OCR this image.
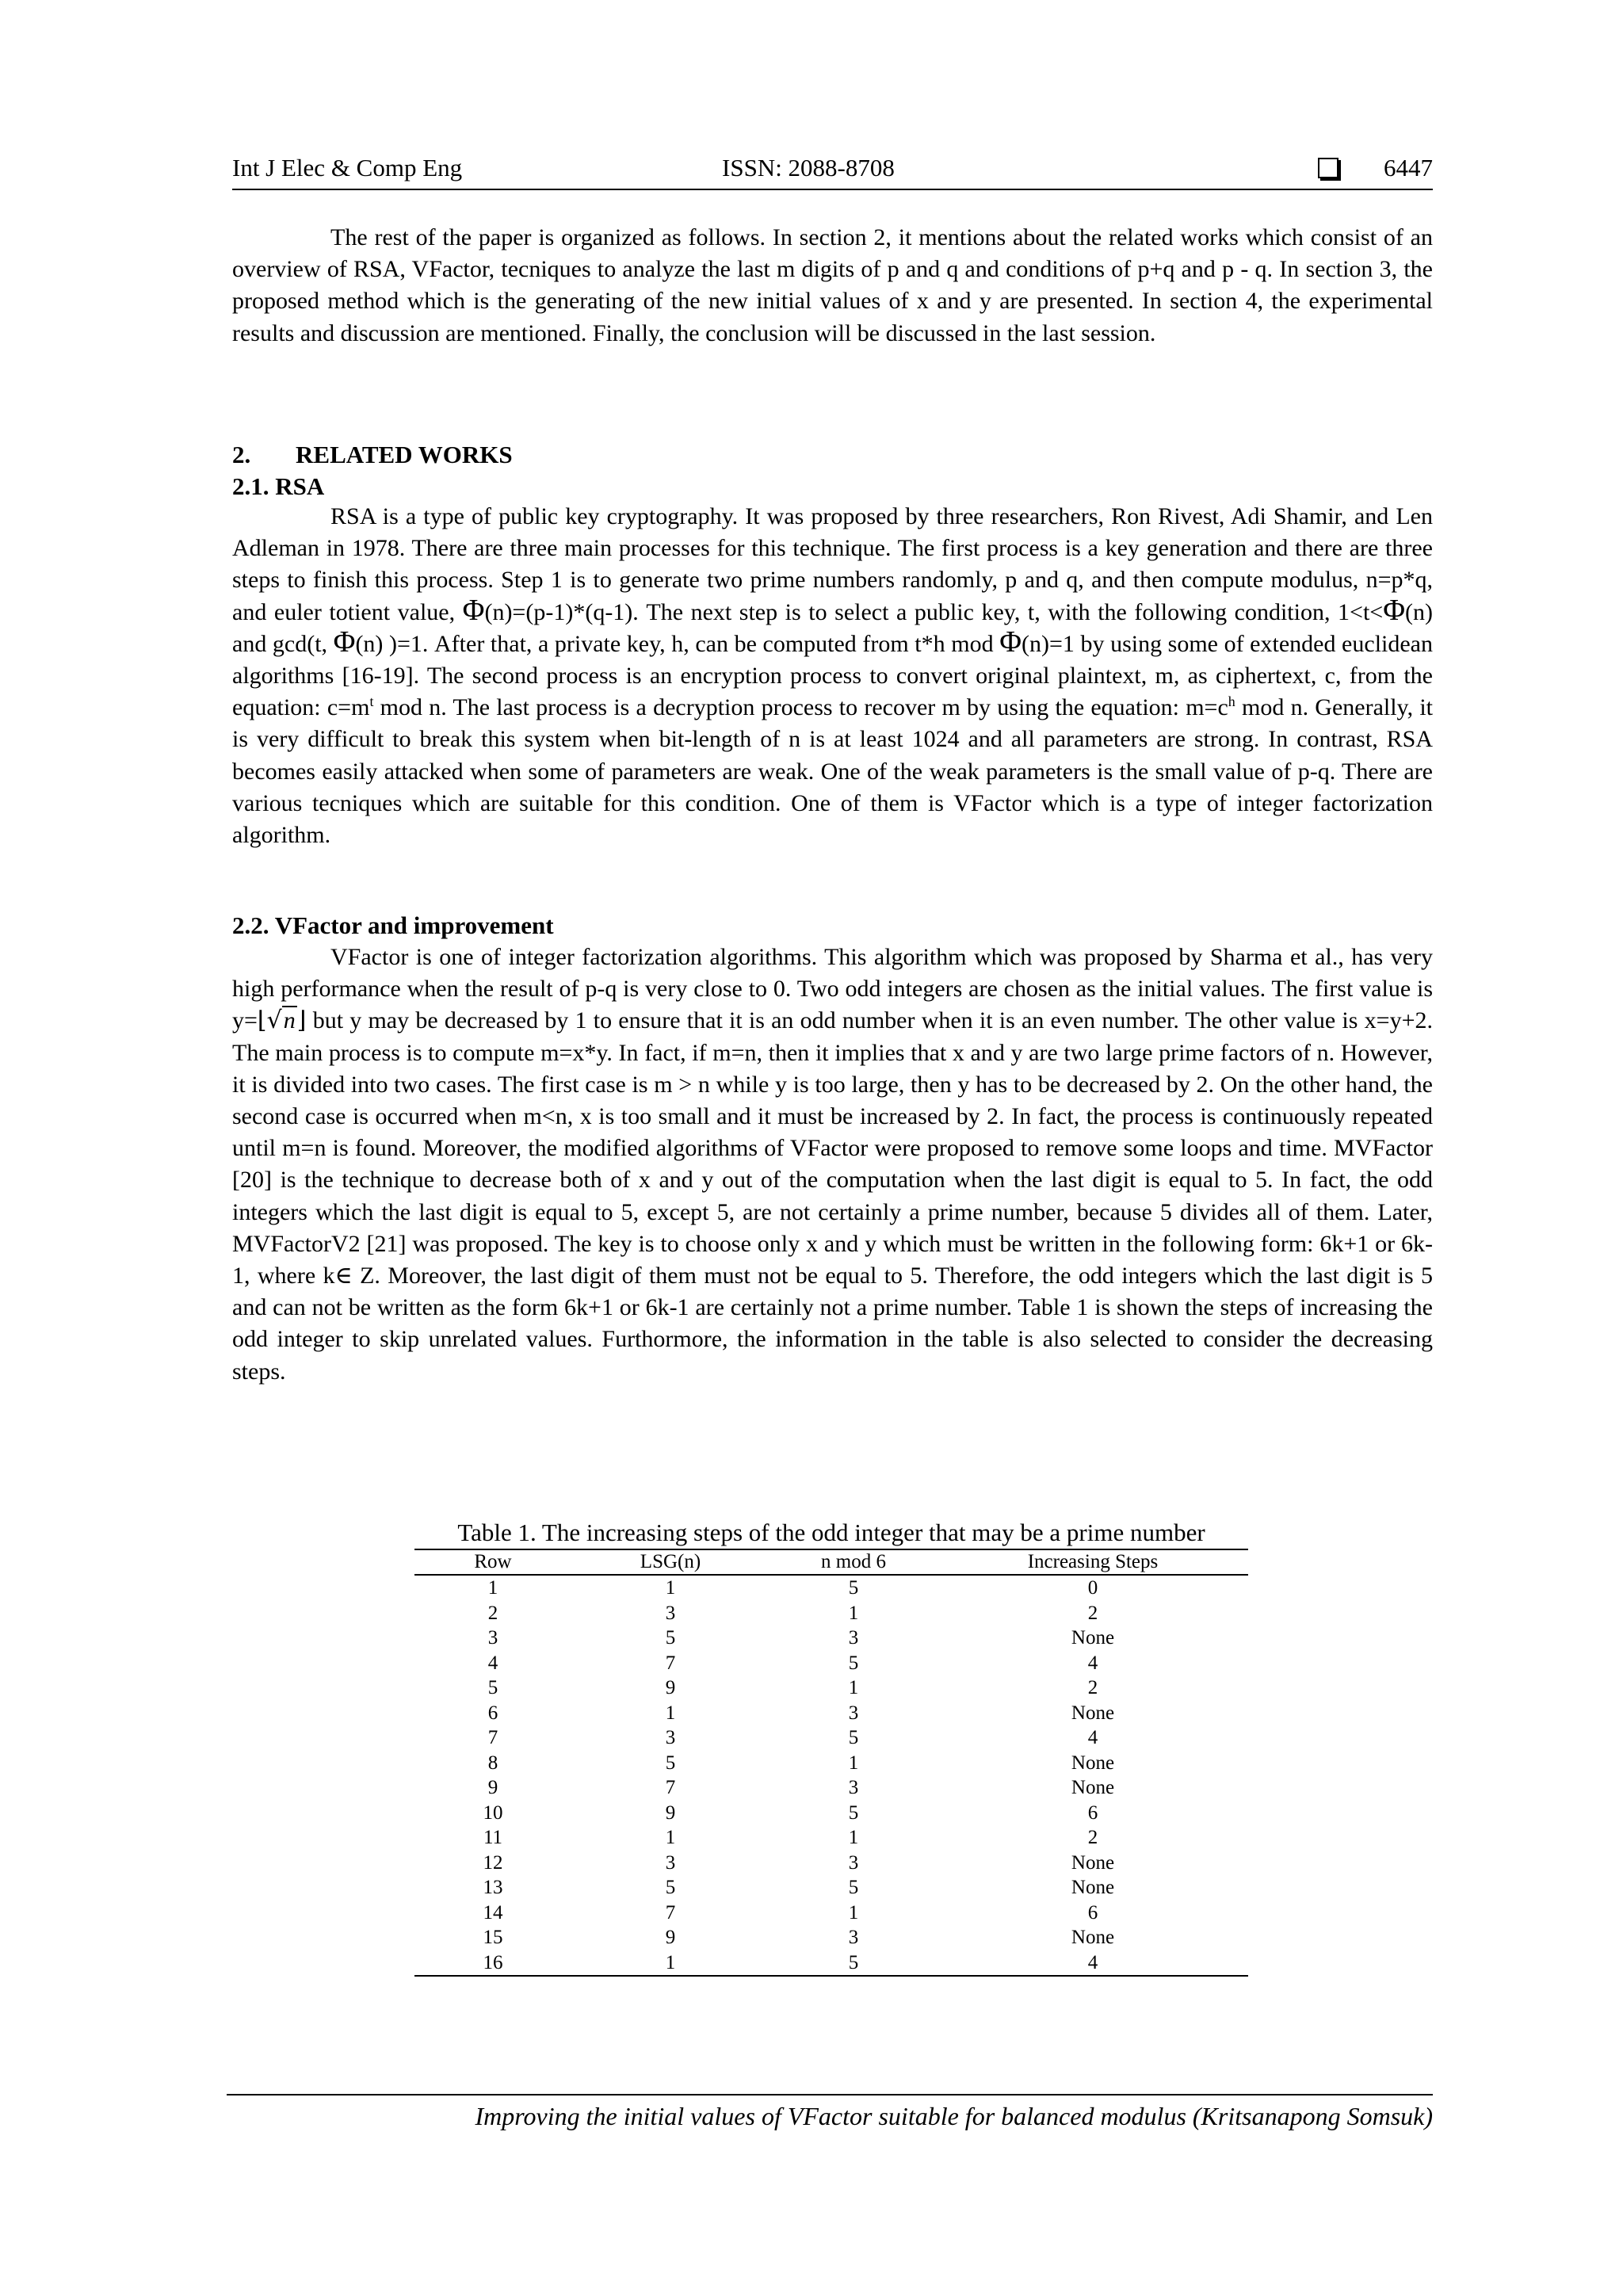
Int J Elec & Comp Eng	ISSN: 2088-8708	6447

The rest of the paper is organized as follows. In section 2, it mentions about the related works which consist of an overview of RSA, VFactor, tecniques to analyze the last m digits of p and q and conditions of p+q and p - q. In section 3, the proposed method which is the generating of the new initial values of x and y are presented. In section 4, the experimental results and discussion are mentioned. Finally, the conclusion will be discussed in the last session.

2. RELATED WORKS
2.1. RSA

RSA is a type of public key cryptography. It was proposed by three researchers, Ron Rivest, Adi Shamir, and Len Adleman in 1978. There are three main processes for this technique. The first process is a key generation and there are three steps to finish this process. Step 1 is to generate two prime numbers randomly, p and q, and then compute modulus, n=p*q, and euler totient value, Φ(n)=(p-1)*(q-1). The next step is to select a public key, t, with the following condition, 1<t<Φ(n) and gcd(t, Φ(n) )=1. After that, a private key, h, can be computed from t*h mod Φ(n)=1 by using some of extended euclidean algorithms [16-19]. The second process is an encryption process to convert original plaintext, m, as ciphertext, c, from the equation: $c=m^t$ mod n. The last process is a decryption process to recover m by using the equation: $m=c^h$ mod n. Generally, it is very difficult to break this system when bit-length of n is at least 1024 and all parameters are strong. In contrast, RSA becomes easily attacked when some of parameters are weak. One of the weak parameters is the small value of p-q. There are various tecniques which are suitable for this condition. One of them is VFactor which is a type of integer factorization algorithm.

2.2. VFactor and improvement

VFactor is one of integer factorization algorithms. This algorithm which was proposed by Sharma et al., has very high performance when the result of p-q is very close to 0. Two odd integers are chosen as the initial values. The first value is y=⌊√n⌋ but y may be decreased by 1 to ensure that it is an odd number when it is an even number. The other value is x=y+2. The main process is to compute m=x*y. In fact, if m=n, then it implies that x and y are two large prime factors of n. However, it is divided into two cases. The first case is m > n while y is too large, then y has to be decreased by 2. On the other hand, the second case is occurred when m<n, x is too small and it must be increased by 2. In fact, the process is continuously repeated until m=n is found. Moreover, the modified algorithms of VFactor were proposed to remove some loops and time. MVFactor [20] is the technique to decrease both of x and y out of the computation when the last digit is equal to 5. In fact, the odd integers which the last digit is equal to 5, except 5, are not certainly a prime number, because 5 divides all of them. Later, MVFactorV2 [21] was proposed. The key is to choose only x and y which must be written in the following form: 6k+1 or 6k-1, where k∈ Z. Moreover, the last digit of them must not be equal to 5. Therefore, the odd integers which the last digit is 5 and can not be written as the form 6k+1 or 6k-1 are certainly not a prime number. Table 1 is shown the steps of increasing the odd integer to skip unrelated values. Furthormore, the information in the table is also selected to consider the decreasing steps.

Table 1. The increasing steps of the odd integer that may be a prime number
Row	LSG(n)	n mod 6	Increasing Steps
1	1	5	0
2	3	1	2
3	5	3	None
4	7	5	4
5	9	1	2
6	1	3	None
7	3	5	4
8	5	1	None
9	7	3	None
10	9	5	6
11	1	1	2
12	3	3	None
13	5	5	None
14	7	1	6
15	9	3	None
16	1	5	4
Improving the initial values of VFactor suitable for balanced modulus (Kritsanapong Somsuk)
